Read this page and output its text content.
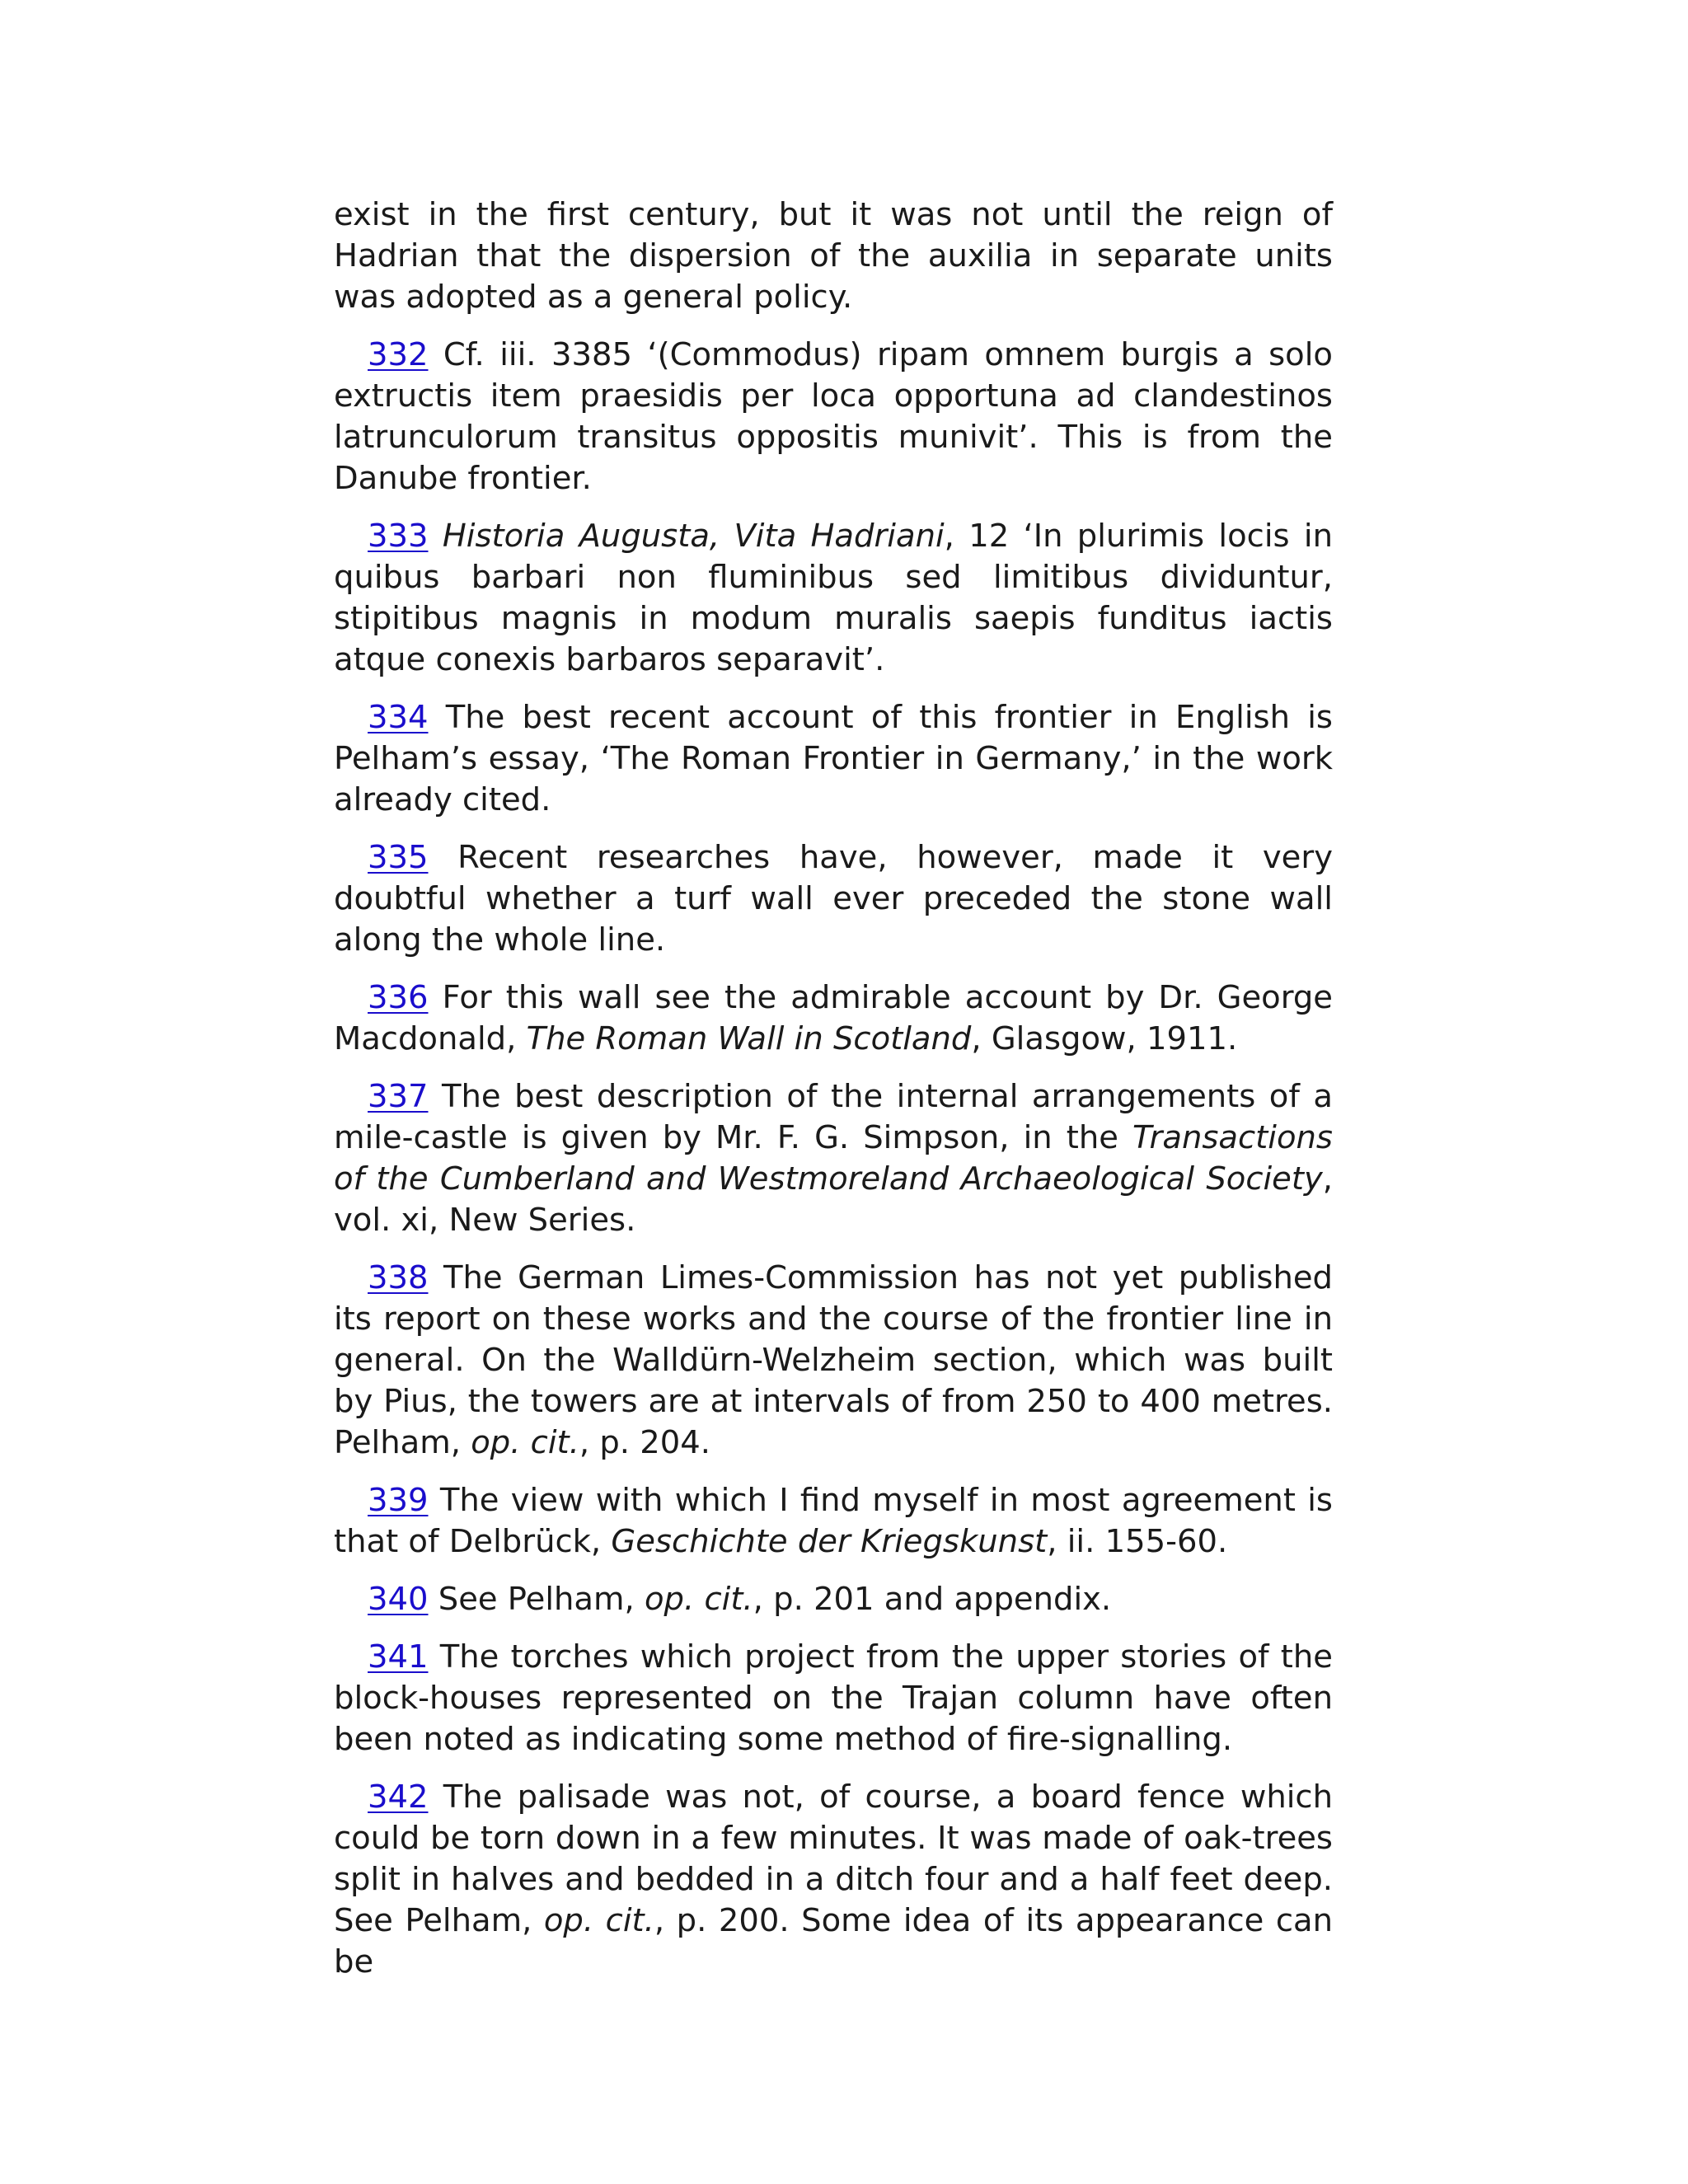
exist in the first century, but it was not until the reign of Hadrian that the dispersion of the auxilia in separate units was adopted as a general policy.

332 Cf. iii. 3385 ‘(Commodus) ripam omnem burgis a solo extructis item praesidis per loca opportuna ad clandestinos latrunculorum transitus oppositis munivit’. This is from the Danube frontier.

333 Historia Augusta, Vita Hadriani, 12 ‘In plurimis locis in quibus barbari non fluminibus sed limitibus dividuntur, stipitibus magnis in modum muralis saepis funditus iactis atque conexis barbaros separavit’.

334 The best recent account of this frontier in English is Pelham’s essay, ‘The Roman Frontier in Germany,’ in the work already cited.

335 Recent researches have, however, made it very doubtful whether a turf wall ever preceded the stone wall along the whole line.

336 For this wall see the admirable account by Dr. George Macdonald, The Roman Wall in Scotland, Glasgow, 1911.

337 The best description of the internal arrangements of a mile-castle is given by Mr. F. G. Simpson, in the Transactions of the Cumberland and Westmoreland Archaeological Society, vol. xi, New Series.

338 The German Limes-Commission has not yet published its report on these works and the course of the frontier line in general. On the Walldürn-Welzheim section, which was built by Pius, the towers are at intervals of from 250 to 400 metres. Pelham, op. cit., p. 204.

339 The view with which I find myself in most agreement is that of Delbrück, Geschichte der Kriegskunst, ii. 155-60.

340 See Pelham, op. cit., p. 201 and appendix.

341 The torches which project from the upper stories of the block-houses represented on the Trajan column have often been noted as indicating some method of fire-signalling.

342 The palisade was not, of course, a board fence which could be torn down in a few minutes. It was made of oak-trees split in halves and bedded in a ditch four and a half feet deep. See Pelham, op. cit., p. 200. Some idea of its appearance can be
